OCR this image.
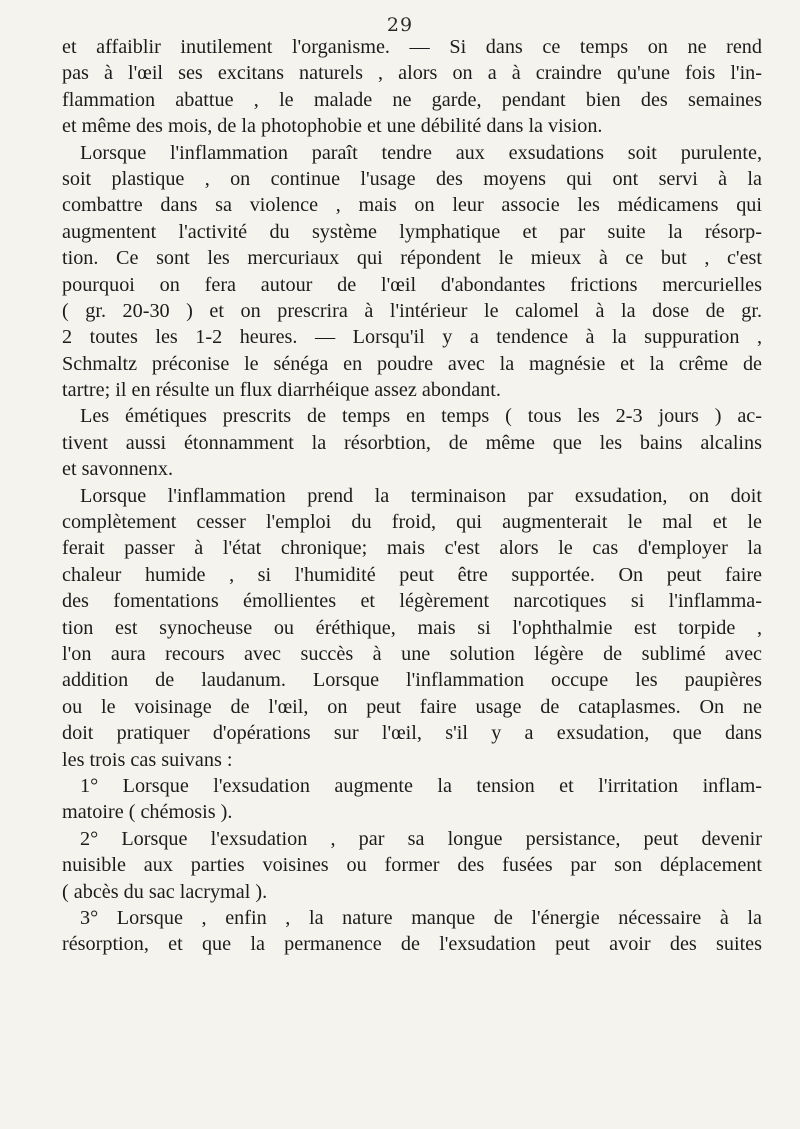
29
et affaiblir inutilement l'organisme. — Si dans ce temps on ne rend
pas à l'œil ses excitans naturels , alors on a à craindre qu'une fois l'in-
flammation abattue , le malade ne garde, pendant bien des semaines
et même des mois, de la photophobie et une débilité dans la vision.
Lorsque l'inflammation paraît tendre aux exsudations soit purulente,
soit plastique , on continue l'usage des moyens qui ont servi à la
combattre dans sa violence , mais on leur associe les médicamens qui
augmentent l'activité du système lymphatique et par suite la résorp-
tion. Ce sont les mercuriaux qui répondent le mieux à ce but , c'est
pourquoi on fera autour de l'œil d'abondantes frictions mercurielles
( gr. 20-30 ) et on prescrira à l'intérieur le calomel à la dose de gr.
2 toutes les 1-2 heures. — Lorsqu'il y a tendence à la suppuration ,
Schmaltz préconise le sénéga en poudre avec la magnésie et la crême de
tartre; il en résulte un flux diarrhéique assez abondant.
Les émétiques prescrits de temps en temps ( tous les 2-3 jours ) ac-
tivent aussi étonnamment la résorbtion, de même que les bains alcalins
et savonnenx.
Lorsque l'inflammation prend la terminaison par exsudation, on doit
complètement cesser l'emploi du froid, qui augmenterait le mal et le
ferait passer à l'état chronique; mais c'est alors le cas d'employer la
chaleur humide , si l'humidité peut être supportée. On peut faire
des fomentations émollientes et légèrement narcotiques si l'inflamma-
tion est synocheuse ou éréthique, mais si l'ophthalmie est torpide ,
l'on aura recours avec succès à une solution légère de sublimé avec
addition de laudanum. Lorsque l'inflammation occupe les paupières
ou le voisinage de l'œil, on peut faire usage de cataplasmes. On ne
doit pratiquer d'opérations sur l'œil, s'il y a exsudation, que dans
les trois cas suivans :
1° Lorsque l'exsudation augmente la tension et l'irritation inflam-
matoire ( chémosis ).
2° Lorsque l'exsudation , par sa longue persistance, peut devenir
nuisible aux parties voisines ou former des fusées par son déplacement
( abcès du sac lacrymal ).
3° Lorsque , enfin , la nature manque de l'énergie nécessaire à la
résorption, et que la permanence de l'exsudation peut avoir des suites
